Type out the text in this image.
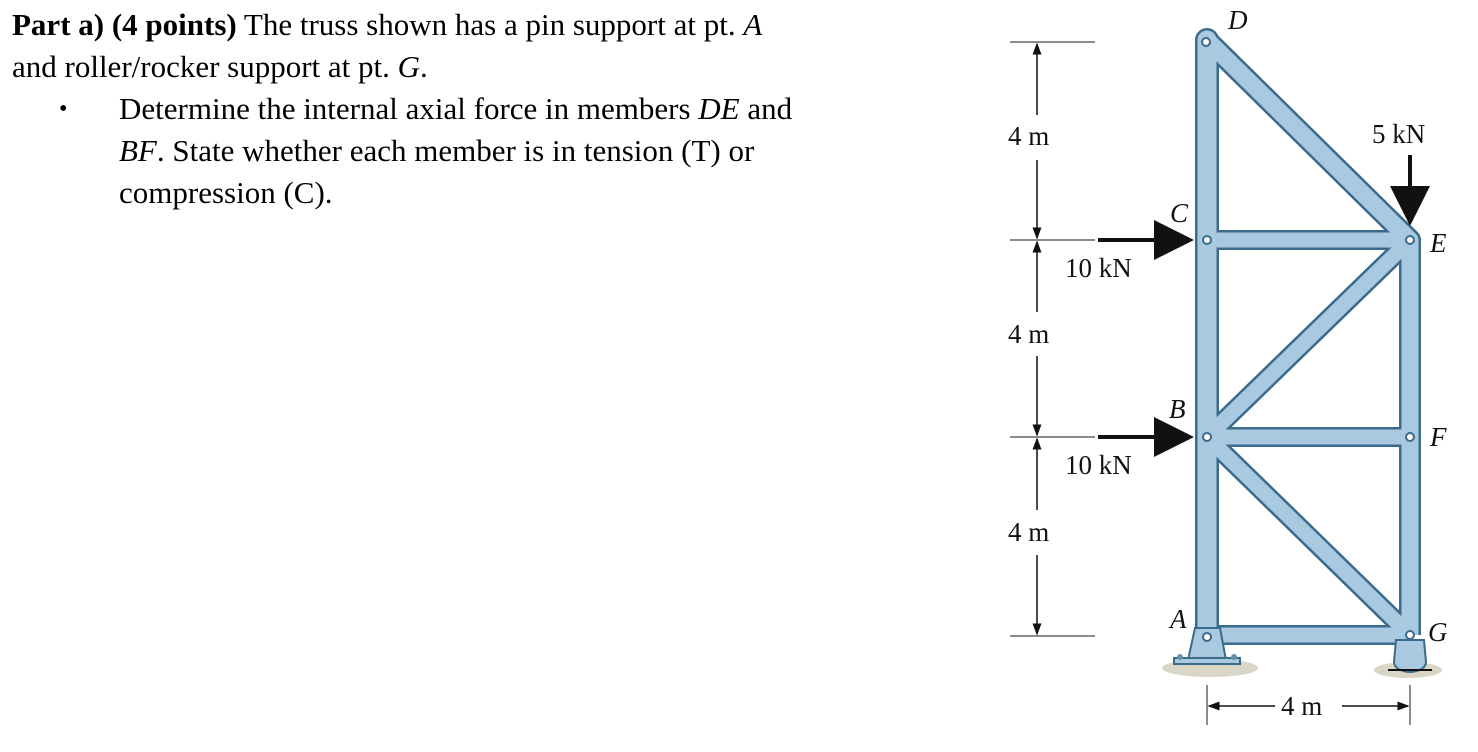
Part a) (4 points) The truss shown has a pin support at pt. A and roller/rocker support at pt. G.

• Determine the internal axial force in members DE and BF. State whether each member is in tension (T) or compression (C).
4 m
4 m
4 m
4 m
10 kN
10 kN
5 kN
D
C
E
B
F
A	G
